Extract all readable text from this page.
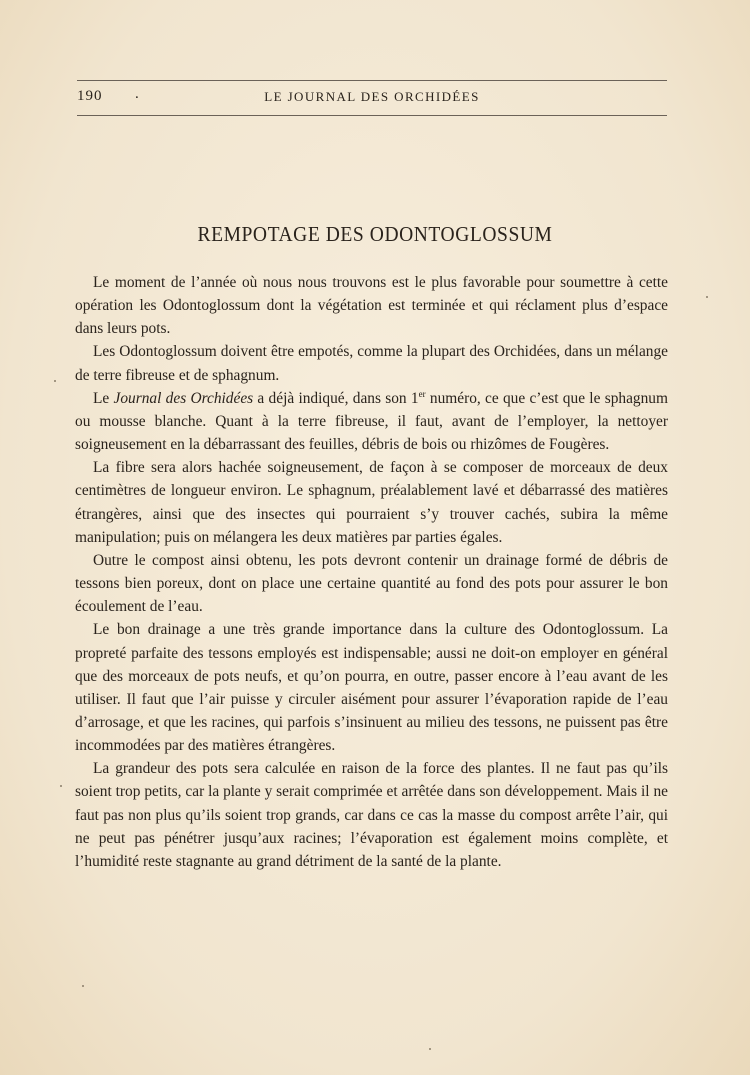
190 .	LE JOURNAL DES ORCHIDÉES
REMPOTAGE DES ODONTOGLOSSUM

Le moment de l’année où nous nous trouvons est le plus favorable pour soumettre à cette opération les Odontoglossum dont la végétation est terminée et qui réclament plus d’espace dans leurs pots.

Les Odontoglossum doivent être empotés, comme la plupart des Orchidées, dans un mélange de terre fibreuse et de sphagnum.

Le Journal des Orchidées a déjà indiqué, dans son 1er numéro, ce que c’est que le sphagnum ou mousse blanche. Quant à la terre fibreuse, il faut, avant de l’employer, la nettoyer soigneusement en la débarrassant des feuilles, débris de bois ou rhizômes de Fougères.

La fibre sera alors hachée soigneusement, de façon à se composer de morceaux de deux centimètres de longueur environ. Le sphagnum, préalablement lavé et débarrassé des matières étrangères, ainsi que des insectes qui pourraient s’y trouver cachés, subira la même manipulation; puis on mélangera les deux matières par parties égales.

Outre le compost ainsi obtenu, les pots devront contenir un drainage formé de débris de tessons bien poreux, dont on place une certaine quantité au fond des pots pour assurer le bon écoulement de l’eau.

Le bon drainage a une très grande importance dans la culture des Odontoglossum. La propreté parfaite des tessons employés est indispensable; aussi ne doit-on employer en général que des morceaux de pots neufs, et qu’on pourra, en outre, passer encore à l’eau avant de les utiliser. Il faut que l’air puisse y circuler aisément pour assurer l’évaporation rapide de l’eau d’arrosage, et que les racines, qui parfois s’insinuent au milieu des tessons, ne puissent pas être incommodées par des matières étrangères.

La grandeur des pots sera calculée en raison de la force des plantes. Il ne faut pas qu’ils soient trop petits, car la plante y serait comprimée et arrêtée dans son développement. Mais il ne faut pas non plus qu’ils soient trop grands, car dans ce cas la masse du compost arrête l’air, qui ne peut pas pénétrer jusqu’aux racines; l’évaporation est également moins complète, et l’humidité reste stagnante au grand détriment de la santé de la plante.
